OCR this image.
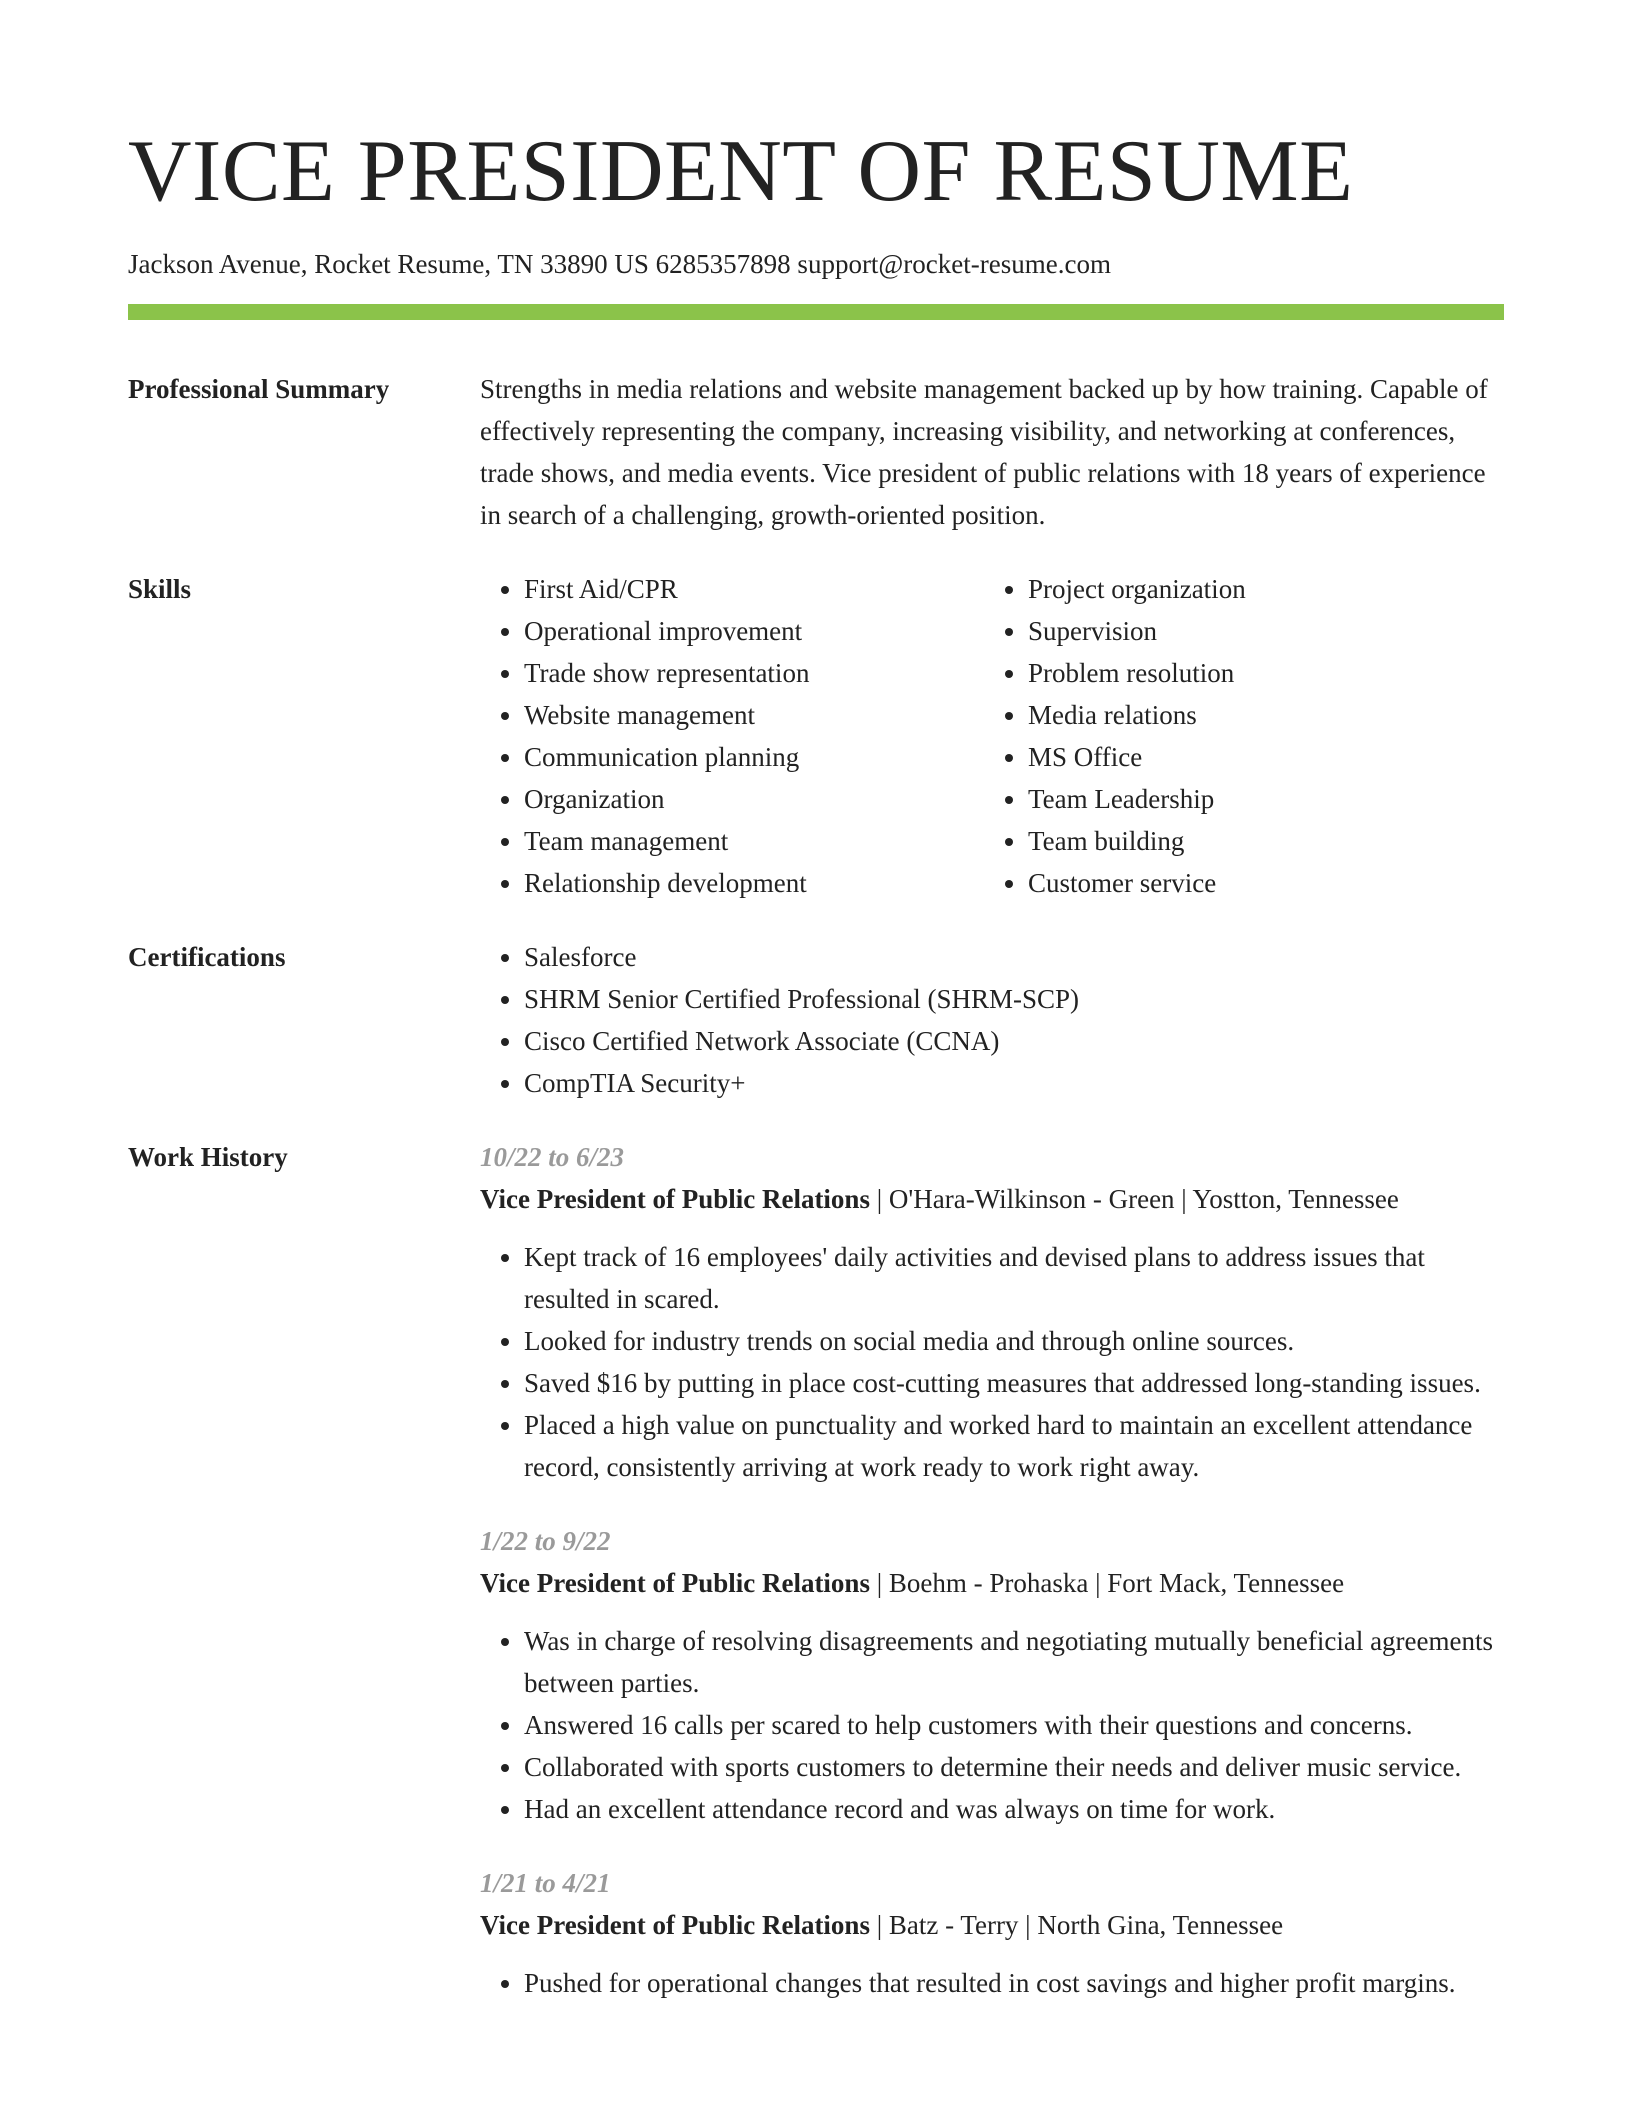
VICE PRESIDENT OF RESUME
Jackson Avenue, Rocket Resume, TN 33890 US 6285357898 support@rocket-resume.com
Professional Summary	Strengths in media relations and website management backed up by how training. Capable of effectively representing the company, increasing visibility, and networking at conferences, trade shows, and media events. Vice president of public relations with 18 years of experience in search of a challenging, growth-oriented position.
Skills	• First Aid/CPR
• Operational improvement
• Trade show representation
• Website management
• Communication planning
• Organization
• Team management
• Relationship development
• Project organization
• Supervision
• Problem resolution
• Media relations
• MS Office
• Team Leadership
• Team building
• Customer service
Certifications	• Salesforce
• SHRM Senior Certified Professional (SHRM-SCP)
• Cisco Certified Network Associate (CCNA)
• CompTIA Security+
Work History	10/22 to 6/23
Vice President of Public Relations | O'Hara-Wilkinson - Green | Yostton, Tennessee
• Kept track of 16 employees' daily activities and devised plans to address issues that resulted in scared.
• Looked for industry trends on social media and through online sources.
• Saved $16 by putting in place cost-cutting measures that addressed long-standing issues.
• Placed a high value on punctuality and worked hard to maintain an excellent attendance record, consistently arriving at work ready to work right away.
1/22 to 9/22
Vice President of Public Relations | Boehm - Prohaska | Fort Mack, Tennessee
• Was in charge of resolving disagreements and negotiating mutually beneficial agreements between parties.
• Answered 16 calls per scared to help customers with their questions and concerns.
• Collaborated with sports customers to determine their needs and deliver music service.
• Had an excellent attendance record and was always on time for work.
1/21 to 4/21
Vice President of Public Relations | Batz - Terry | North Gina, Tennessee
• Pushed for operational changes that resulted in cost savings and higher profit margins.
